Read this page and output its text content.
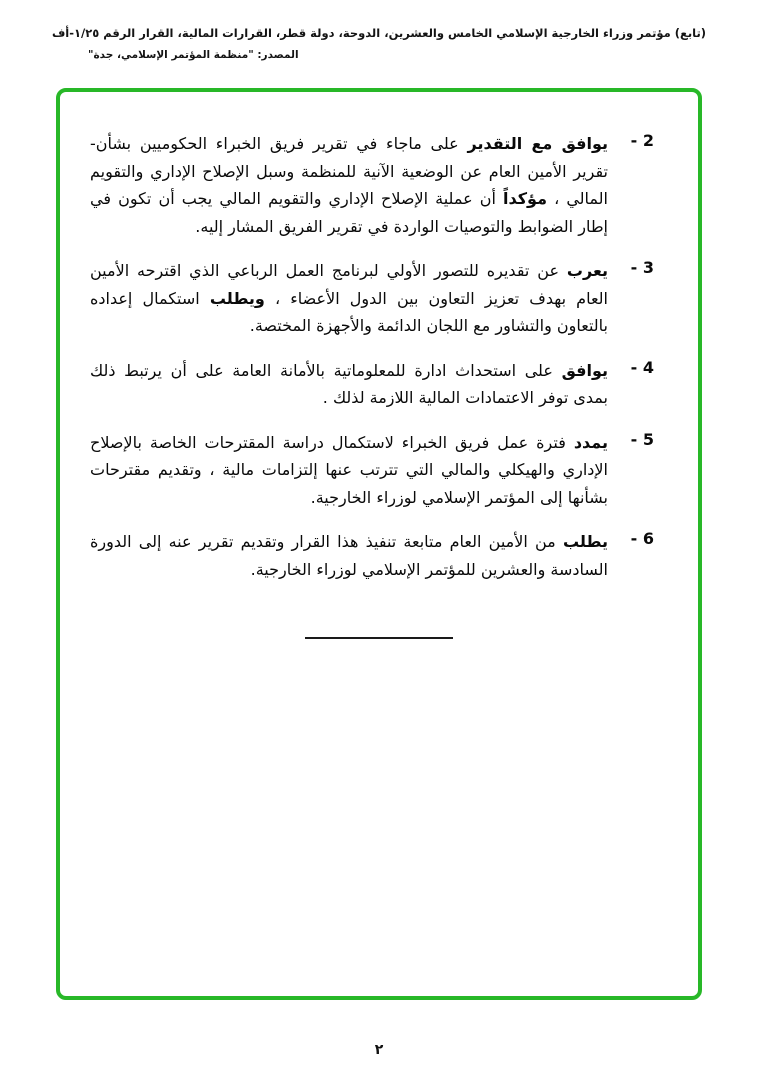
(تابع) مؤتمر وزراء الخارجية الإسلامي الخامس والعشرين، الدوحة، دولة قطر، القرارات المالية، القرار الرقم ١/٢٥-أف
المصدر: "منظمة المؤتمر الإسلامي، جدة"
2 -
يوافق مع التقدير على ماجاء في تقرير فريق الخبراء الحكوميين بشأن- تقرير الأمين العام عن الوضعية الآنية للمنظمة وسبل الإصلاح الإداري والتقويم المالي ، مؤكداً أن عملية الإصلاح الإداري والتقويم المالي يجب أن تكون في إطار الضوابط والتوصيات الواردة في تقرير الفريق المشار إليه.
3 -
يعرب عن تقديره للتصور الأولي لبرنامج العمل الرباعي الذي اقترحه الأمين العام بهدف تعزيز التعاون بين الدول الأعضاء ، ويطلب استكمال إعداده بالتعاون والتشاور مع اللجان الدائمة والأجهزة المختصة.
4 -
يوافق على استحداث ادارة للمعلوماتية بالأمانة العامة على أن يرتبط ذلك بمدى توفر الاعتمادات المالية اللازمة لذلك .
5 -
يمدد فترة عمل فريق الخبراء لاستكمال دراسة المقترحات الخاصة بالإصلاح الإداري والهيكلي والمالي التي تترتب عنها إلتزامات مالية ، وتقديم مقترحات بشأنها إلى المؤتمر الإسلامي لوزراء الخارجية.
6 -
يطلب من الأمين العام متابعة تنفيذ هذا القرار وتقديم تقرير عنه إلى الدورة السادسة والعشرين للمؤتمر الإسلامي لوزراء الخارجية.
٢
